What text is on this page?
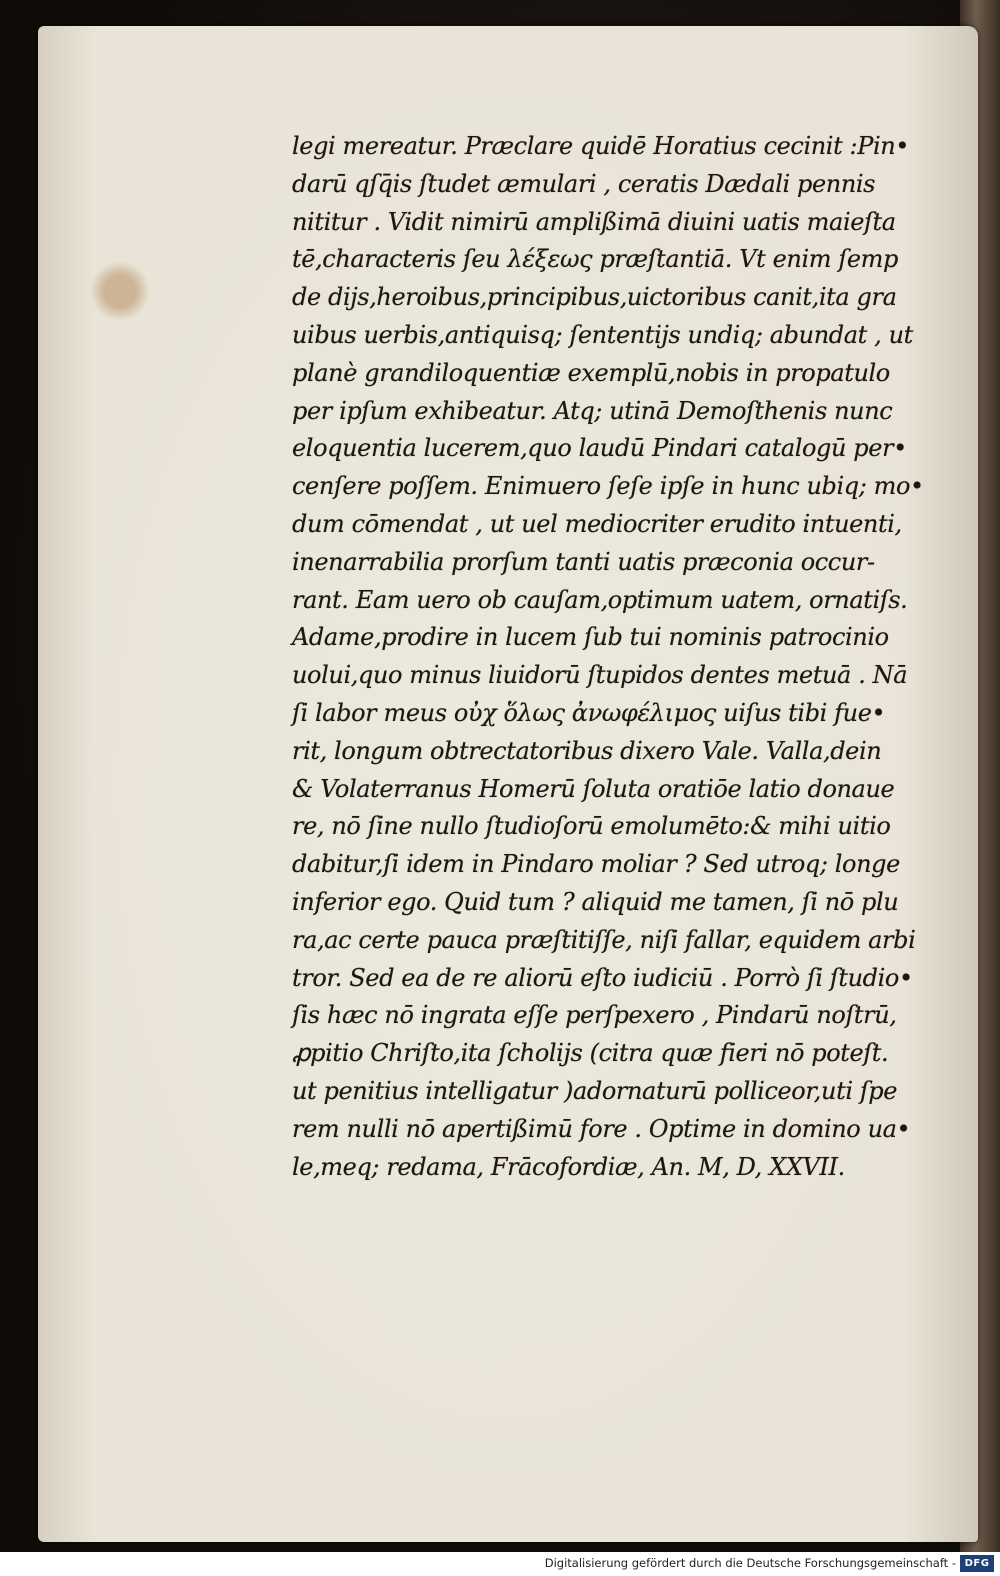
legi mereatur. Præclare quidē Horatius cecinit :Pin•
darū qſq̄is ſtudet æmulari , ceratis Dædali pennis
nititur . Vidit nimirū amplißimā diuini uatis maieſta
tē,characteris ſeu λέξεως præſtantiā. Vt enim ſemp
de dijs,heroibus,principibus,uictoribus canit,ita gra
uibus uerbis,antiquisq; ſententijs undiq; abundat , ut
planè grandiloquentiæ exemplū,nobis in propatulo
per ipſum exhibeatur. Atq; utinā Demoſthenis nunc
eloquentia lucerem,quo laudū Pindari catalogū per•
cenſere poſſem. Enimuero ſeſe ipſe in hunc ubiq; mo•
dum cōmendat , ut uel mediocriter erudito intuenti,
inenarrabilia prorſum tanti uatis præconia occur-
rant. Eam uero ob cauſam,optimum uatem, ornatiſs.
Adame,prodire in lucem ſub tui nominis patrocinio
uolui,quo minus liuidorū ſtupidos dentes metuā . Nā
ſi labor meus οὐχ ὅλως ἀνωφέλιμος uiſus tibi fue•
rit, longum obtrectatoribus dixero Vale. Valla,dein
& Volaterranus Homerū ſoluta oratiōe latio donaue
re, nō ſine nullo ſtudioſorū emolumēto:& mihi uitio
dabitur,ſi idem in Pindaro moliar ? Sed utroq; longe
inferior ego. Quid tum ? aliquid me tamen, ſi nō plu
ra,ac certe pauca præſtitiſſe, niſi fallar, equidem arbi
tror. Sed ea de re aliorū eſto iudiciū . Porrò ſi ſtudio•
ſis hæc nō ingrata eſſe perſpexero , Pindarū noſtrū,
ꝓpitio Chriſto,ita ſcholijs (citra quæ fieri nō poteſt.
ut penitius intelligatur )adornaturū polliceor,uti ſpe
rem nulli nō apertißimū fore . Optime in domino ua•
le,meq; redama, Frācofordiæ, An. M, D, XXVII.
Digitalisierung gefördert durch die Deutsche Forschungsgemeinschaft - DFG
